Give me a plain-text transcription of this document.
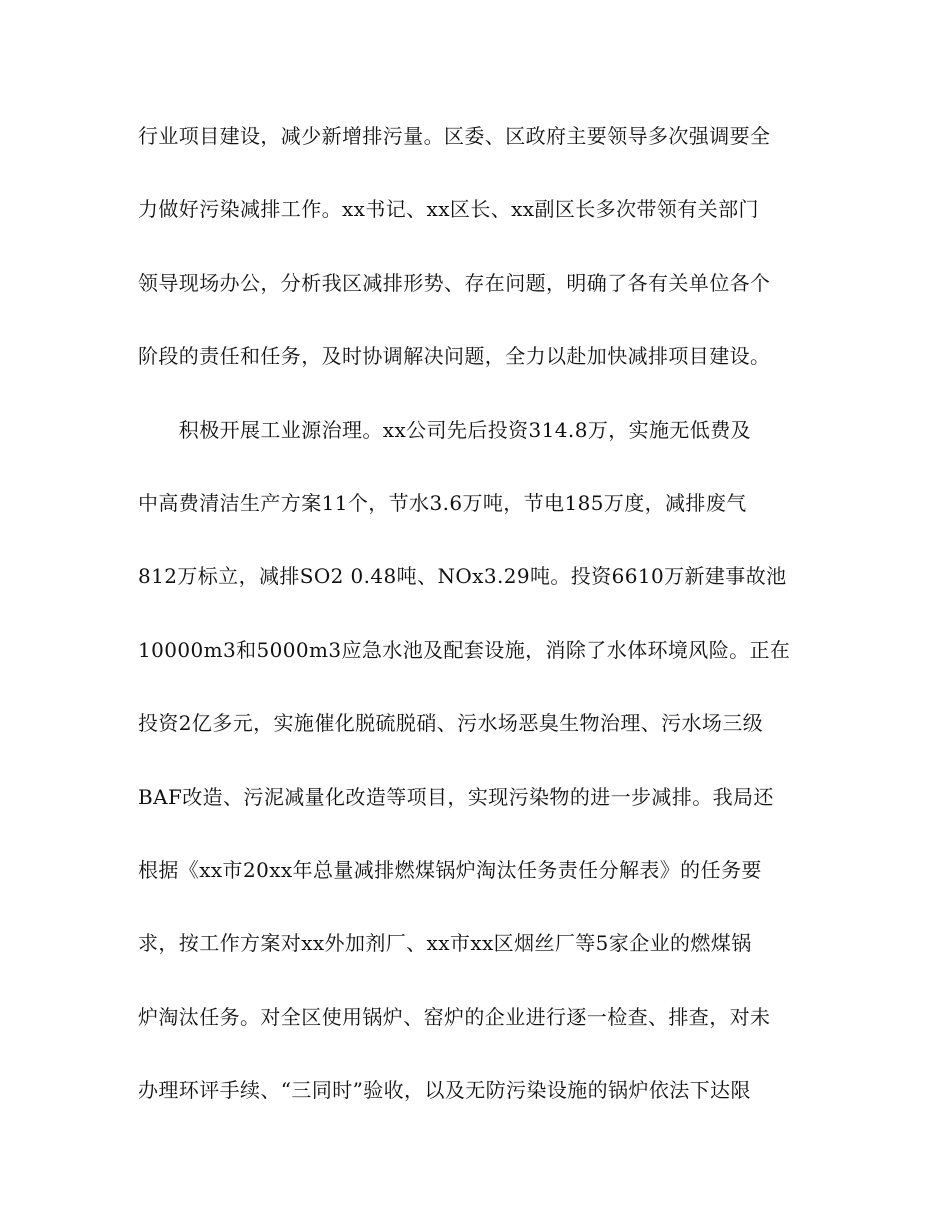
行业项目建设，减少新增排污量。区委、区政府主要领导多次强调要全

力做好污染减排工作。xx书记、xx区长、xx副区长多次带领有关部门

领导现场办公，分析我区减排形势、存在问题，明确了各有关单位各个

阶段的责任和任务，及时协调解决问题，全力以赴加快减排项目建设。

　　积极开展工业源治理。xx公司先后投资314.8万，实施无低费及

中高费清洁生产方案11个，节水3.6万吨，节电185万度，减排废气

812万标立，减排SO2 0.48吨、NOx3.29吨。投资6610万新建事故池

10000m3和5000m3应急水池及配套设施，消除了水体环境风险。正在

投资2亿多元，实施催化脱硫脱硝、污水场恶臭生物治理、污水场三级

BAF改造、污泥减量化改造等项目，实现污染物的进一步减排。我局还

根据《xx市20xx年总量减排燃煤锅炉淘汰任务责任分解表》的任务要

求，按工作方案对xx外加剂厂、xx市xx区烟丝厂等5家企业的燃煤锅

炉淘汰任务。对全区使用锅炉、窑炉的企业进行逐一检查、排查，对未

办理环评手续、“三同时”验收，以及无防污染设施的锅炉依法下达限
